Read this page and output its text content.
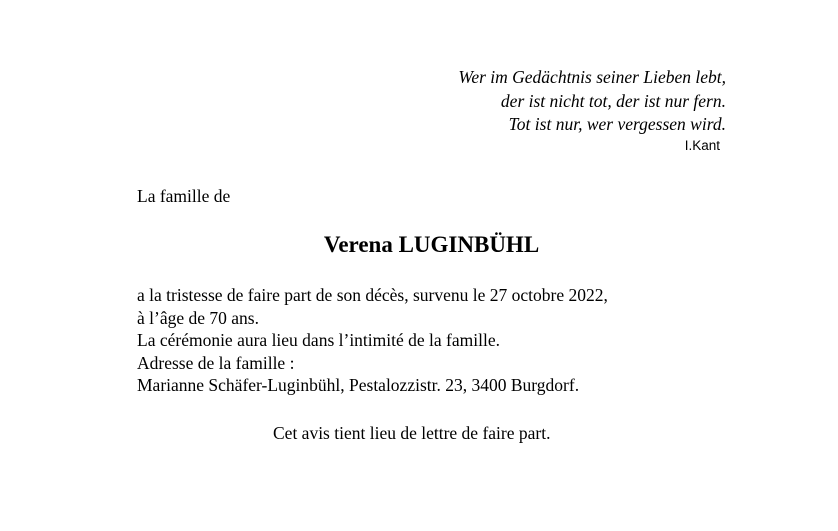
Wer im Gedächtnis seiner Lieben lebt,
der ist nicht tot, der ist nur fern.
Tot ist nur, wer vergessen wird.
I.Kant
La famille de
Verena LUGINBÜHL
a la tristesse de faire part de son décès, survenu le 27 octobre 2022,
à l’âge de 70 ans.
La cérémonie aura lieu dans l’intimité de la famille.
Adresse de la famille :
Marianne Schäfer-Luginbühl, Pestalozzistr. 23, 3400 Burgdorf.
Cet avis tient lieu de lettre de faire part.
